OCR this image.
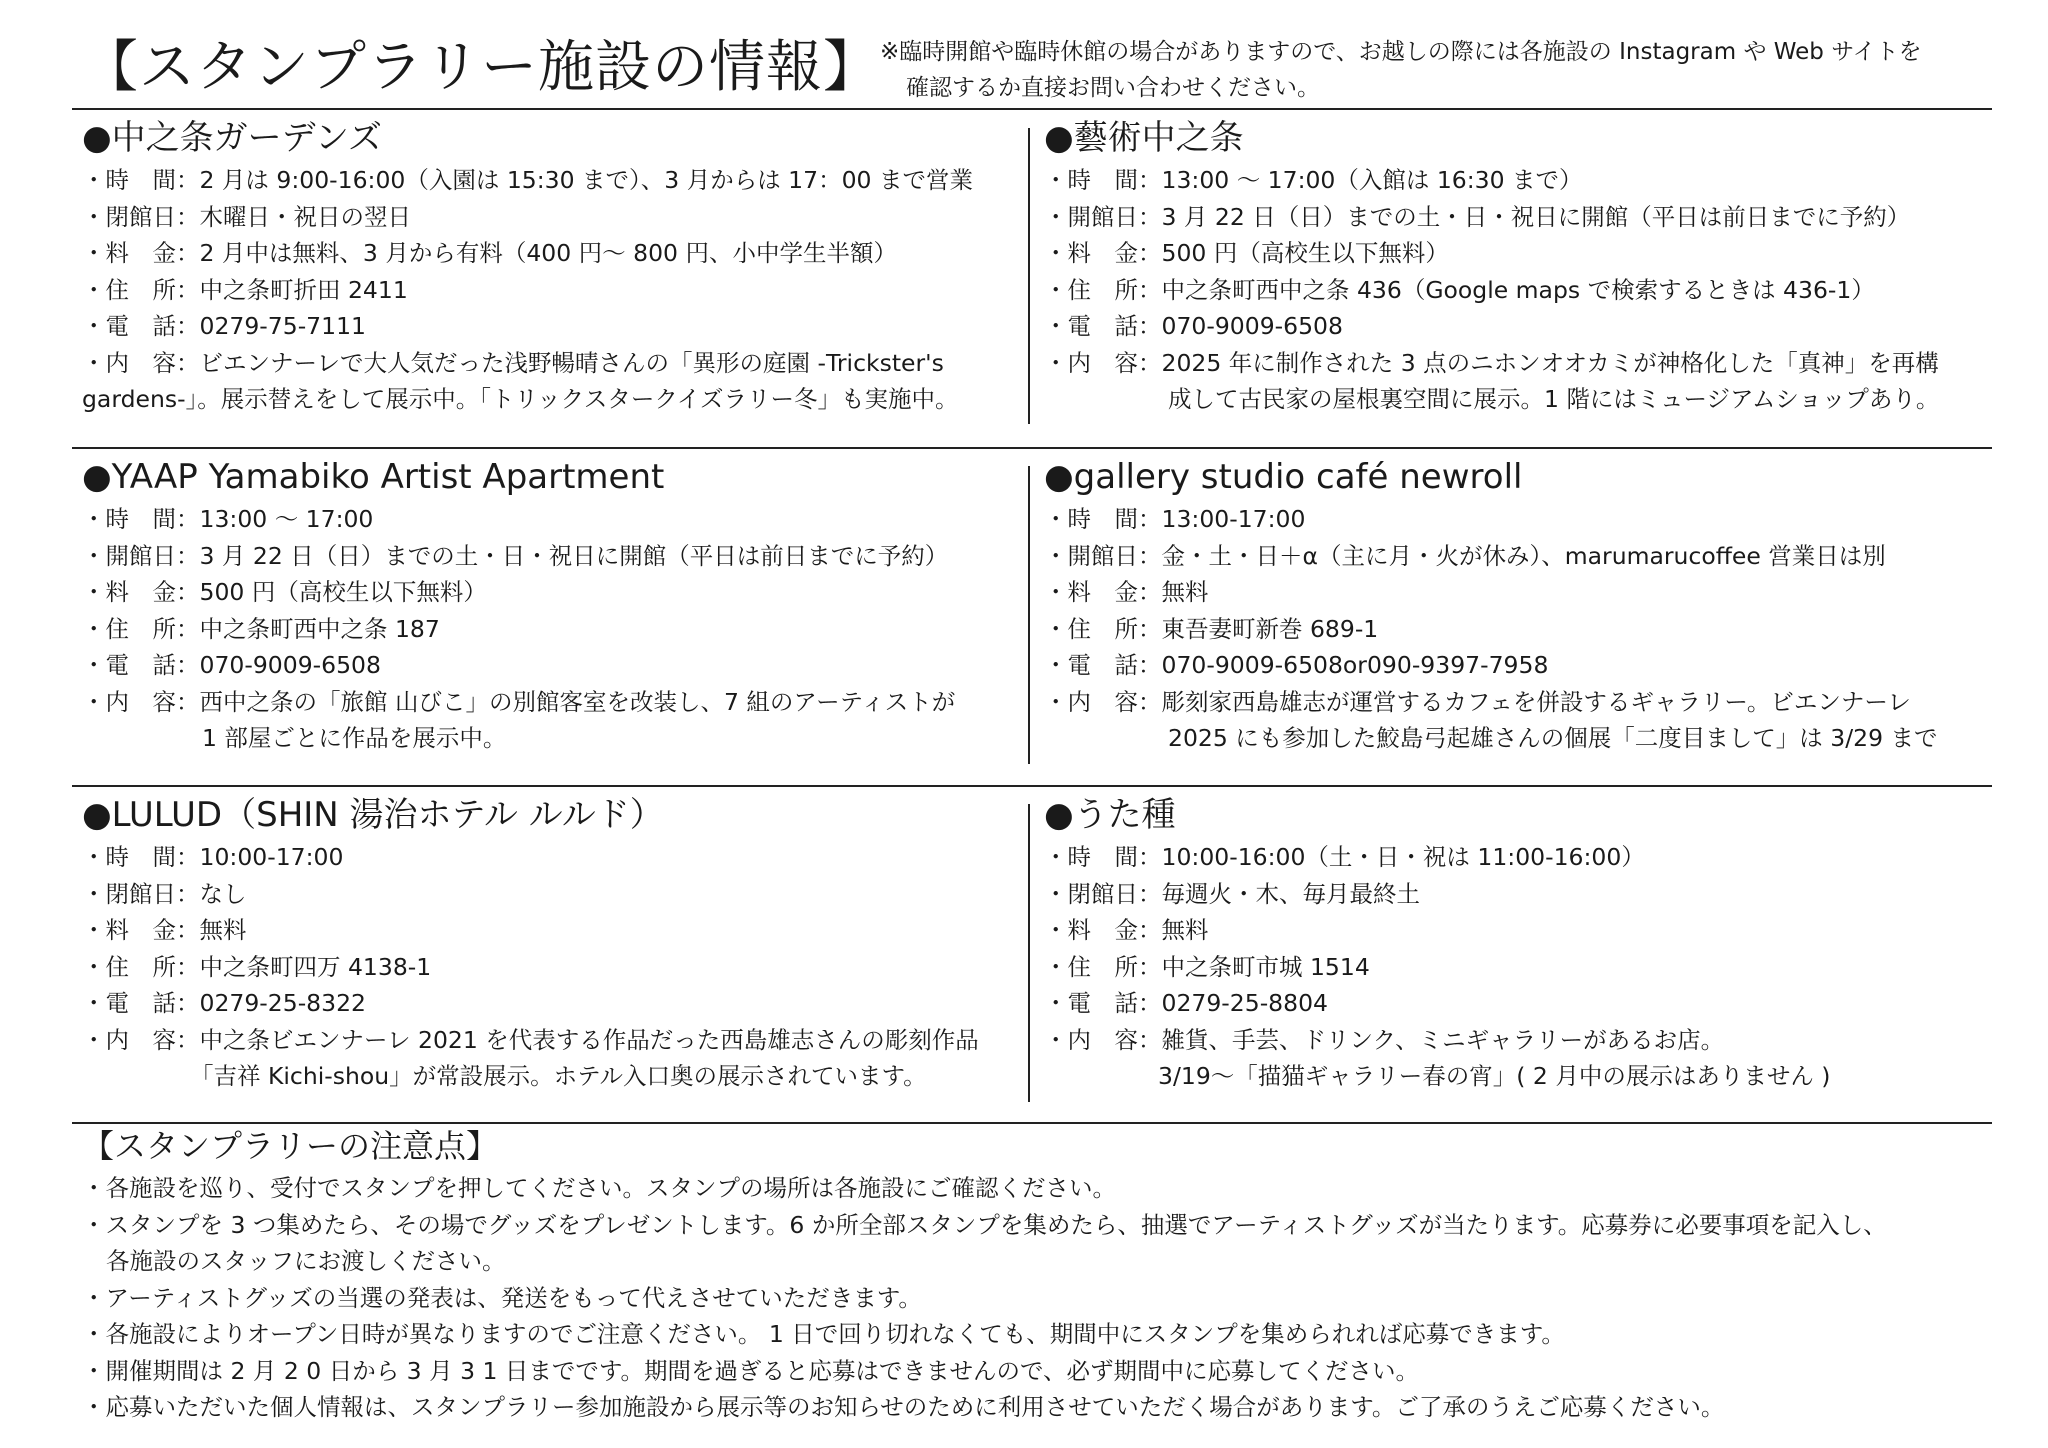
【スタンプラリー施設の情報】 ※臨時開館や臨時休館の場合がありますので、お越しの際には各施設の Instagram や Web サイトを
確認するか直接お問い合わせください。
●中之条ガーデンズ
・時　間：2 月は 9:00-16:00（入園は 15:30 まで）、3 月からは 17：00 まで営業
・閉館日：木曜日・祝日の翌日
・料　金：2 月中は無料、3 月から有料（400 円～ 800 円、小中学生半額）
・住　所：中之条町折田 2411
・電　話：0279-75-7111
・内　容：ビエンナーレで大人気だった浅野暢晴さんの「異形の庭園 -Trickster's
gardens-」。展示替えをして展示中。「トリックスタークイズラリー冬」も実施中。
●藝術中之条
・時　間：13:00 ～ 17:00（入館は 16:30 まで）
・開館日：3 月 22 日（日）までの土・日・祝日に開館（平日は前日までに予約）
・料　金：500 円（高校生以下無料）
・住　所：中之条町西中之条 436（Google maps で検索するときは 436-1）
・電　話：070-9009-6508
・内　容：2025 年に制作された 3 点のニホンオオカミが神格化した「真神」を再構
成して古民家の屋根裏空間に展示。1 階にはミュージアムショップあり。
●YAAP Yamabiko Artist Apartment
・時　間：13:00 ～ 17:00
・開館日：3 月 22 日（日）までの土・日・祝日に開館（平日は前日までに予約）
・料　金：500 円（高校生以下無料）
・住　所：中之条町西中之条 187
・電　話：070-9009-6508
・内　容：西中之条の「旅館 山びこ」の別館客室を改装し、7 組のアーティストが
1 部屋ごとに作品を展示中。
●gallery studio café newroll
・時　間：13:00-17:00
・開館日：金・土・日＋α（主に月・火が休み）、marumarucoffee 営業日は別
・料　金：無料
・住　所：東吾妻町新巻 689-1
・電　話：070-9009-6508or090-9397-7958
・内　容：彫刻家西島雄志が運営するカフェを併設するギャラリー。ビエンナーレ
2025 にも参加した鮫島弓起雄さんの個展「二度目まして」は 3/29 まで
●LULUD（SHIN 湯治ホテル ルルド）
・時　間：10:00-17:00
・閉館日：なし
・料　金：無料
・住　所：中之条町四万 4138-1
・電　話：0279-25-8322
・内　容：中之条ビエンナーレ 2021 を代表する作品だった西島雄志さんの彫刻作品
「吉祥 Kichi-shou」が常設展示。ホテル入口奥の展示されています。
●うた種
・時　間：10:00-16:00（土・日・祝は 11:00-16:00）
・閉館日：毎週火・木、毎月最終土
・料　金：無料
・住　所：中之条町市城 1514
・電　話：0279-25-8804
・内　容：雑貨、手芸、ドリンク、ミニギャラリーがあるお店。
3/19～「描猫ギャラリー春の宵」( 2 月中の展示はありません )
【スタンプラリーの注意点】
・各施設を巡り、受付でスタンプを押してください。スタンプの場所は各施設にご確認ください。
・スタンプを 3 つ集めたら、その場でグッズをプレゼントします。6 か所全部スタンプを集めたら、抽選でアーティストグッズが当たります。応募券に必要事項を記入し、
各施設のスタッフにお渡しください。
・アーティストグッズの当選の発表は、発送をもって代えさせていただきます。
・各施設によりオープン日時が異なりますのでご注意ください。 1 日で回り切れなくても、期間中にスタンプを集められれば応募できます。
・開催期間は 2 月 2 0 日から 3 月 3 1 日までです。期間を過ぎると応募はできませんので、必ず期間中に応募してください。
・応募いただいた個人情報は、スタンプラリー参加施設から展示等のお知らせのために利用させていただく場合があります。ご了承のうえご応募ください。
